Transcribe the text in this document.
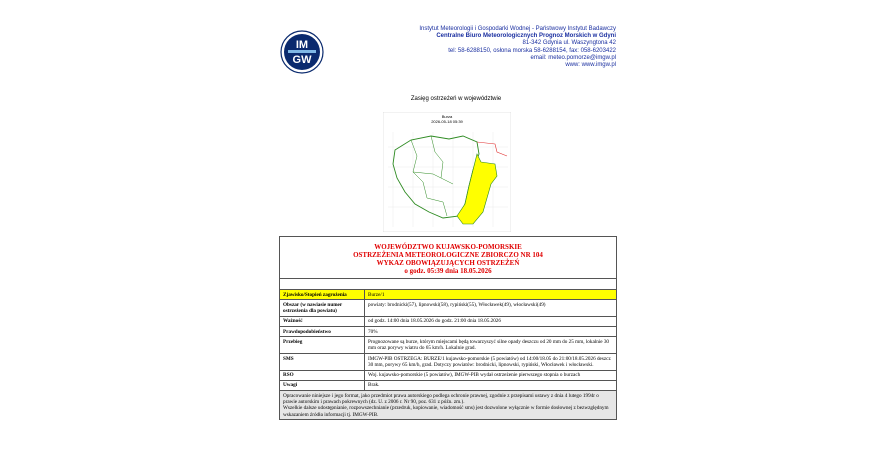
IM
GW
Instytut Meteorologii i Gospodarki Wodnej - Państwowy Instytut Badawczy
Centralne Biuro Meteorologicznych Prognoz Morskich w Gdyni
81-342 Gdynia ul. Waszyngtona 42
tel: 58-6288150, osłona morska 58-6288154, fax: 058-6203422
email: meteo.pomorze@imgw.pl
www: www.imgw.pl
Zasięg ostrzeżeń w województwie
Burza
2026-05-18 05:39
WOJEWÓDZTWO KUJAWSKO-POMORSKIE
OSTRZEŻENIA METEOROLOGICZNE ZBIORCZO NR 104
WYKAZ OBOWIĄZUJĄCYCH OSTRZEŻEŃ
o godz. 05:39 dnia 18.05.2026	

Zjawisko/Stopień zagrożenia	Burze/1
Obszar (w nawiasie numer ostrzeżenia dla powiatu)	powiaty: brodnicki(57), lipnowski(58), rypiński(55), Włocławek(49), włocławski(49)
Ważność	od godz. 14:00 dnia 18.05.2026 do godz. 21:00 dnia 18.05.2026
Prawdopodobieństwo	70%
Przebieg	Prognozowane są burze, którym miejscami będą towarzyszyć silne opady deszczu od 20 mm do 25 mm, lokalnie 30 mm oraz porywy wiatru do 65 km/h. Lokalnie grad.
SMS	IMGW-PIB OSTRZEGA: BURZE/1 kujawsko-pomorskie (5 powiatów) od 14:00/18.05 do 21:00/18.05.2026 deszcz 30 mm, porywy 65 km/h, grad. Dotyczy powiatów: brodnicki, lipnowski, rypiński, Włocławek i włocławski.
RSO	Woj. kujawsko-pomorskie (5 powiatów), IMGW-PIB wydał ostrzeżenie pierwszego stopnia o burzach
Uwagi	Brak.

Opracowanie niniejsze i jego format, jako przedmiot prawa autorskiego podlega ochronie prawnej, zgodnie z przepisami ustawy z dnia 4 lutego 1994r o prawie autorskim i prawach pokrewnych (dz. U. z 2006 r. Nr 90, poz. 631 z późn. zm.).
Wszelkie dalsze udostępnianie, rozpowszechnianie (przedruk, kopiowanie, wiadomość sms) jest dozwolone wyłącznie w formie dosłownej z bezwzględnym wskazaniem źródła informacji tj. IMGW-PIB.	
